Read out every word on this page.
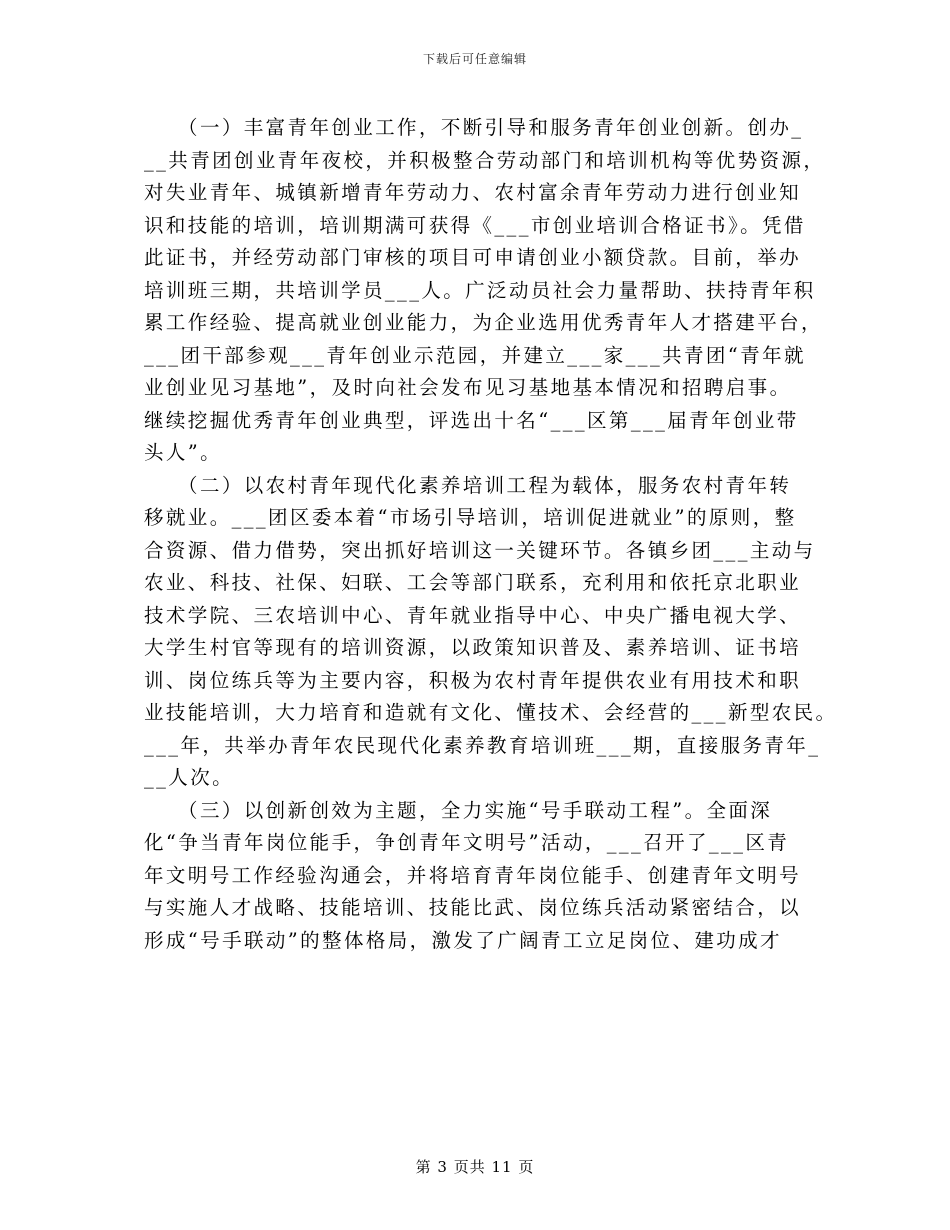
下载后可任意编辑
　　（一）丰富青年创业工作，不断引导和服务青年创业创新。创办_
__共青团创业青年夜校，并积极整合劳动部门和培训机构等优势资源，
对失业青年、城镇新增青年劳动力、农村富余青年劳动力进行创业知
识和技能的培训，培训期满可获得《___市创业培训合格证书》。凭借
此证书，并经劳动部门审核的项目可申请创业小额贷款。目前，举办
培训班三期，共培训学员___人。广泛动员社会力量帮助、扶持青年积
累工作经验、提高就业创业能力，为企业选用优秀青年人才搭建平台，
___团干部参观___青年创业示范园，并建立___家___共青团“青年就
业创业见习基地”，及时向社会发布见习基地基本情况和招聘启事。
继续挖掘优秀青年创业典型，评选出十名“___区第___届青年创业带
头人”。
　　（二）以农村青年现代化素养培训工程为载体，服务农村青年转
移就业。___团区委本着“市场引导培训，培训促进就业”的原则，整
合资源、借力借势，突出抓好培训这一关键环节。各镇乡团___主动与
农业、科技、社保、妇联、工会等部门联系，充利用和依托京北职业
技术学院、三农培训中心、青年就业指导中心、中央广播电视大学、
大学生村官等现有的培训资源，以政策知识普及、素养培训、证书培
训、岗位练兵等为主要内容，积极为农村青年提供农业有用技术和职
业技能培训，大力培育和造就有文化、懂技术、会经营的___新型农民。
___年，共举办青年农民现代化素养教育培训班___期，直接服务青年_
__人次。
　　（三）以创新创效为主题，全力实施“号手联动工程”。全面深
化“争当青年岗位能手，争创青年文明号”活动，___召开了___区青
年文明号工作经验沟通会，并将培育青年岗位能手、创建青年文明号
与实施人才战略、技能培训、技能比武、岗位练兵活动紧密结合，以
形成“号手联动”的整体格局，激发了广阔青工立足岗位、建功成才
第 3 页共 11 页
